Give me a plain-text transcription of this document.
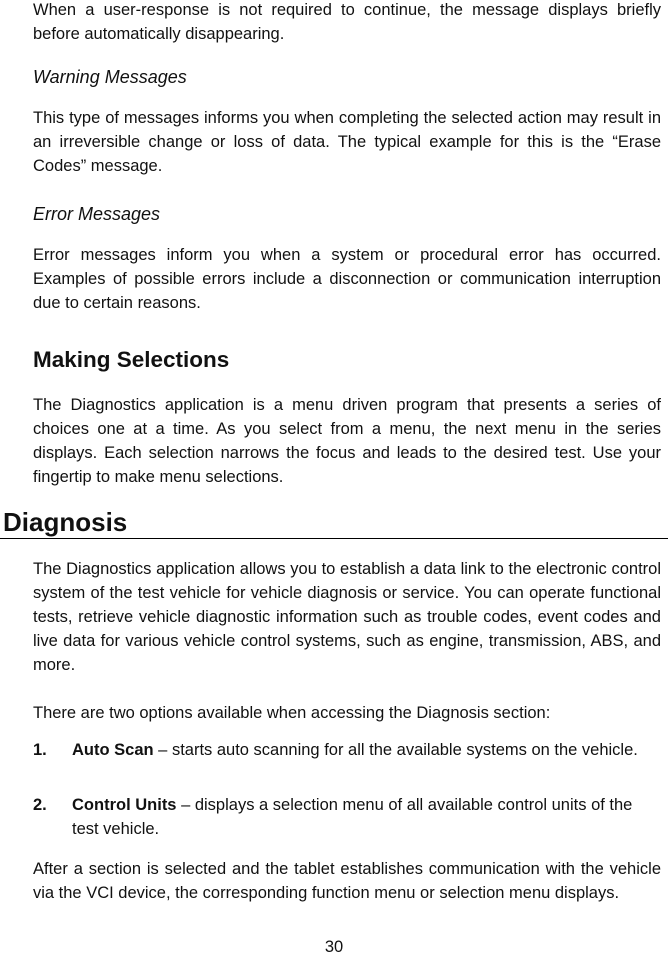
When a user-response is not required to continue, the message displays briefly before automatically disappearing.

Warning Messages

This type of messages informs you when completing the selected action may result in an irreversible change or loss of data. The typical example for this is the “Erase Codes” message.

Error Messages

Error messages inform you when a system or procedural error has occurred. Examples of possible errors include a disconnection or communication interruption due to certain reasons.

Making Selections

The Diagnostics application is a menu driven program that presents a series of choices one at a time. As you select from a menu, the next menu in the series displays. Each selection narrows the focus and leads to the desired test. Use your fingertip to make menu selections.

Diagnosis

The Diagnostics application allows you to establish a data link to the electronic control system of the test vehicle for vehicle diagnosis or service. You can operate functional tests, retrieve vehicle diagnostic information such as trouble codes, event codes and live data for various vehicle control systems, such as engine, transmission, ABS, and more.

There are two options available when accessing the Diagnosis section:

1. Auto Scan – starts auto scanning for all the available systems on the vehicle.
2. Control Units – displays a selection menu of all available control units of the test vehicle.

After a section is selected and the tablet establishes communication with the vehicle via the VCI device, the corresponding function menu or selection menu displays.

30
